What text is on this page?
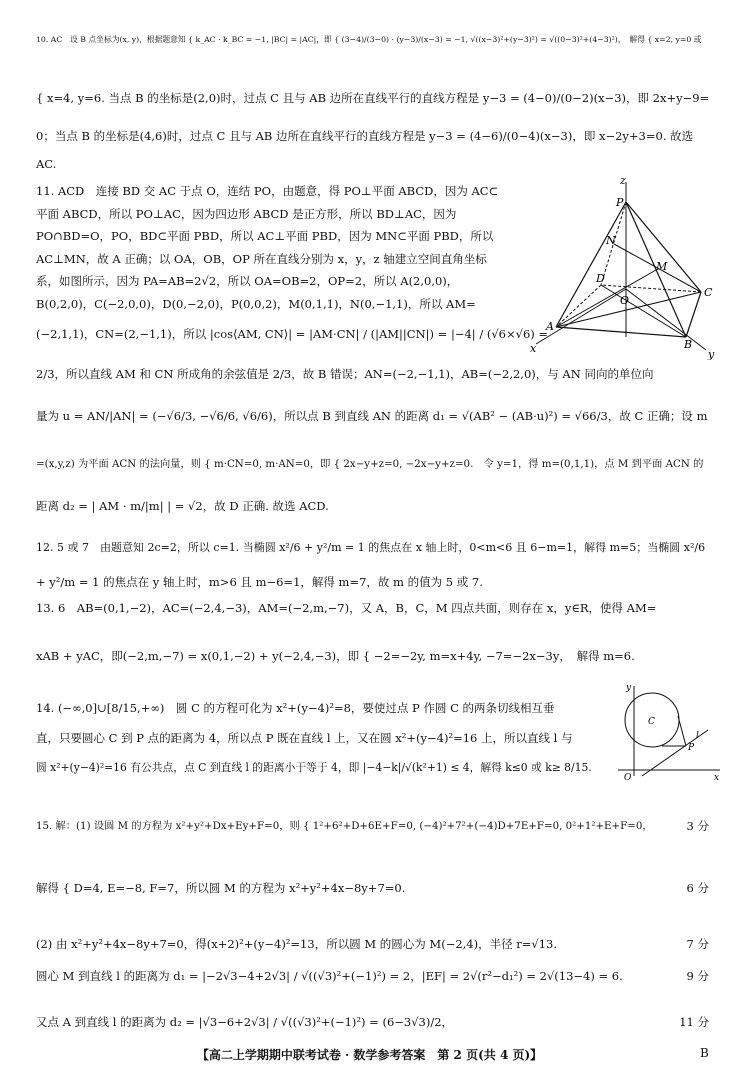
10. AC　设 B 点坐标为(x, y)，根据题意知 { k_AC · k_BC = −1, |BC| = |AC|，即 { (3−4)/(3−0) · (y−3)/(x−3) = −1, √((x−3)²+(y−3)²) = √((0−3)²+(4−3)²)，　解得 { x=2, y=0 或
{ x=4, y=6. 当点 B 的坐标是(2,0)时，过点 C 且与 AB 边所在直线平行的直线方程是 y−3 = (4−0)/(0−2)(x−3)，即 2x+y−9=
0；当点 B 的坐标是(4,6)时，过点 C 且与 AB 边所在直线平行的直线方程是 y−3 = (4−6)/(0−4)(x−3)，即 x−2y+3=0. 故选
AC.
11. ACD　连接 BD 交 AC 于点 O，连结 PO，由题意，得 PO⊥平面 ABCD，因为 AC⊂平面 ABCD，所以 PO⊥AC，因为四边形 ABCD 是正方形，所以 BD⊥AC，因为 PO∩BD=O，PO，BD⊂平面 PBD，所以 AC⊥平面 PBD，因为 MN⊂平面 PBD，所以 AC⊥MN，故 A 正确；以 OA，OB，OP 所在直线分别为 x，y，z 轴建立空间直角坐标系，如图所示，因为 PA=AB=2√2，所以 OA=OB=2，OP=2，所以 A(2,0,0)，B(0,2,0)，C(−2,0,0)，D(0,−2,0)，P(0,0,2)，M(0,1,1)，N(0,−1,1)，所以 AM=
(−2,1,1)，CN=(2,−1,1)，所以 |cos⟨AM, CN⟩| = |AM·CN| / (|AM||CN|) = |−4| / (√6×√6) =
2/3，所以直线 AM 和 CN 所成角的余弦值是 2/3，故 B 错误；AN=(−2,−1,1)，AB=(−2,2,0)，与 AN 同向的单位向
量为 u = AN/|AN| = (−√6/3, −√6/6, √6/6)，所以点 B 到直线 AN 的距离 d₁ = √(AB² − (AB·u)²) = √66/3，故 C 正确；设 m
=(x,y,z) 为平面 ACN 的法向量，则 { m·CN=0, m·AN=0，即 { 2x−y+z=0, −2x−y+z=0.　令 y=1，得 m=(0,1,1)，点 M 到平面 ACN 的
距离 d₂ = | AM · m/|m| | = √2，故 D 正确. 故选 ACD.
z
P
N
D
M
C
O
A
B
y
x
12. 5 或 7　由题意知 2c=2，所以 c=1. 当椭圆 x²/6 + y²/m = 1 的焦点在 x 轴上时，0<m<6 且 6−m=1，解得 m=5；当椭圆 x²/6
+ y²/m = 1 的焦点在 y 轴上时，m>6 且 m−6=1，解得 m=7，故 m 的值为 5 或 7.
13. 6　AB=(0,1,−2)，AC=(−2,4,−3)，AM=(−2,m,−7)，又 A，B，C，M 四点共面，则存在 x，y∈R，使得 AM=
xAB + yAC，即(−2,m,−7) = x(0,1,−2) + y(−2,4,−3)，即 { −2=−2y, m=x+4y, −7=−2x−3y，　解得 m=6.
14. (−∞,0]∪[8/15,+∞)　圆 C 的方程可化为 x²+(y−4)²=8，要使过点 P 作圆 C 的两条切线相互垂
直，只要圆心 C 到 P 点的距离为 4，所以点 P 既在直线 l 上，又在圆 x²+(y−4)²=16 上，所以直线 l 与
圆 x²+(y−4)²=16 有公共点，点 C 到直线 l 的距离小于等于 4，即 |−4−k|/√(k²+1) ≤ 4，解得 k≤0 或 k≥ 8/15.
y
C
l
P
O	x
15. 解：(1) 设圆 M 的方程为 x²+y²+Dx+Ey+F=0，则 { 1²+6²+D+6E+F=0, (−4)²+7²+(−4)D+7E+F=0, 0²+1²+E+F=0，	3 分
解得 { D=4, E=−8, F=7，所以圆 M 的方程为 x²+y²+4x−8y+7=0.	6 分
(2) 由 x²+y²+4x−8y+7=0，得(x+2)²+(y−4)²=13，所以圆 M 的圆心为 M(−2,4)，半径 r=√13.	7 分
圆心 M 到直线 l 的距离为 d₁ = |−2√3−4+2√3| / √((√3)²+(−1)²) = 2，|EF| = 2√(r²−d₁²) = 2√(13−4) = 6.	9 分
又点 A 到直线 l 的距离为 d₂ = |√3−6+2√3| / √((√3)²+(−1)²) = (6−3√3)/2，	11 分
【高二上学期期中联考试卷 · 数学参考答案　第 2 页(共 4 页)】	B
